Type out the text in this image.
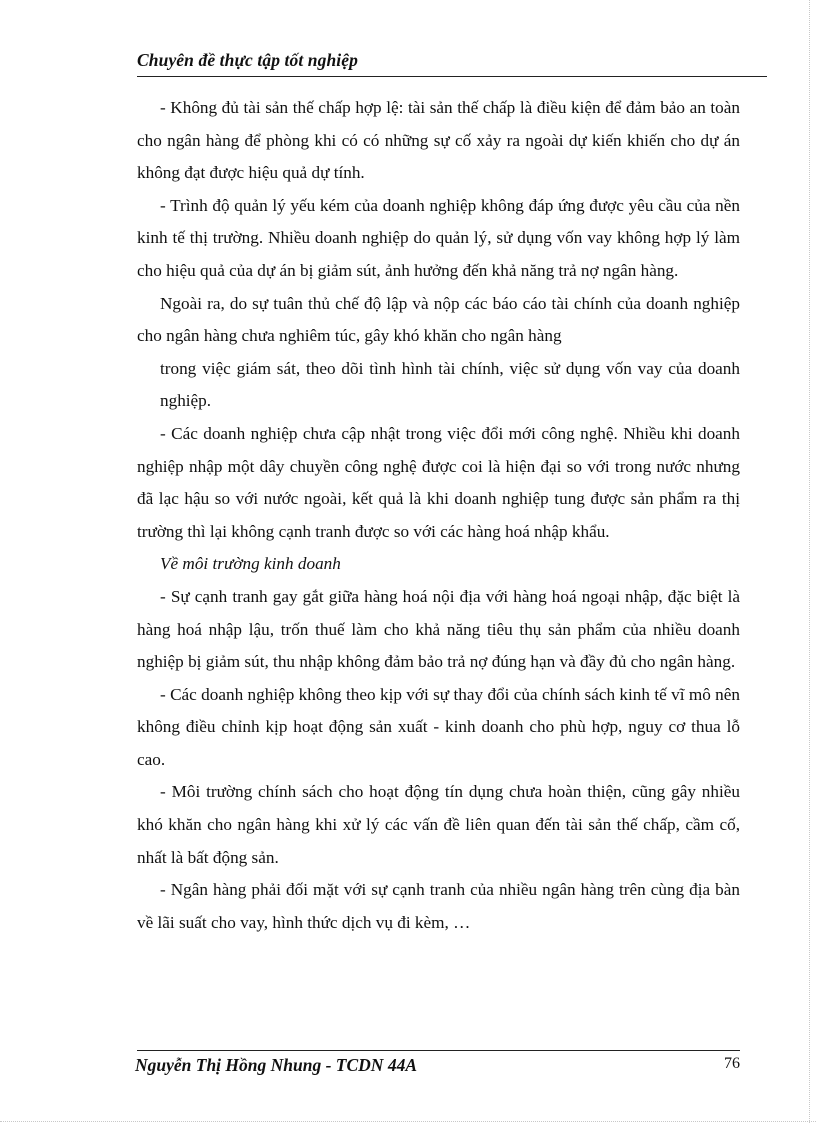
Chuyên đề thực tập tốt nghiệp

- Không đủ tài sản thế chấp hợp lệ: tài sản thế chấp là điều kiện để đảm bảo an toàn cho ngân hàng để phòng khi có có những sự cố xảy ra ngoài dự kiến khiến cho dự án không đạt được hiệu quả dự tính.

- Trình độ quản lý yếu kém của doanh nghiệp không đáp ứng được yêu cầu của nền kinh tế thị trường. Nhiều doanh nghiệp do quản lý, sử dụng vốn vay không hợp lý làm cho hiệu quả của dự án bị giảm sút, ảnh hưởng đến khả năng trả nợ ngân hàng.

Ngoài ra, do sự tuân thủ chế độ lập và nộp các báo cáo tài chính của doanh nghiệp cho ngân hàng chưa nghiêm túc, gây khó khăn cho ngân hàng

trong việc giám sát, theo dõi tình hình tài chính, việc sử dụng vốn vay của doanh nghiệp.

- Các doanh nghiệp chưa cập nhật trong việc đổi mới công nghệ. Nhiều khi doanh nghiệp nhập một dây chuyền công nghệ được coi là hiện đại so với trong nước nhưng đã lạc hậu so với nước ngoài, kết quả là khi doanh nghiệp tung được sản phẩm ra thị trường thì lại không cạnh tranh được so với các hàng hoá nhập khẩu.

Về môi trường kinh doanh

- Sự cạnh tranh gay gắt giữa hàng hoá nội địa với hàng hoá ngoại nhập, đặc biệt là hàng hoá nhập lậu, trốn thuế làm cho khả năng tiêu thụ sản phẩm của nhiều doanh nghiệp bị giảm sút, thu nhập không đảm bảo trả nợ đúng hạn và đầy đủ cho ngân hàng.

- Các doanh nghiệp không theo kịp với sự thay đổi của chính sách kinh tế vĩ mô nên không điều chỉnh kịp hoạt động sản xuất - kinh doanh cho phù hợp, nguy cơ thua lỗ cao.

- Môi trường chính sách cho hoạt động tín dụng chưa hoàn thiện, cũng gây nhiều khó khăn cho ngân hàng khi xử lý các vấn đề liên quan đến tài sản thế chấp, cầm cố, nhất là bất động sản.

- Ngân hàng phải đối mặt với sự cạnh tranh của nhiều ngân hàng trên cùng địa bàn về lãi suất cho vay, hình thức dịch vụ đi kèm, …

Nguyễn Thị Hồng Nhung - TCDN 44A	76
